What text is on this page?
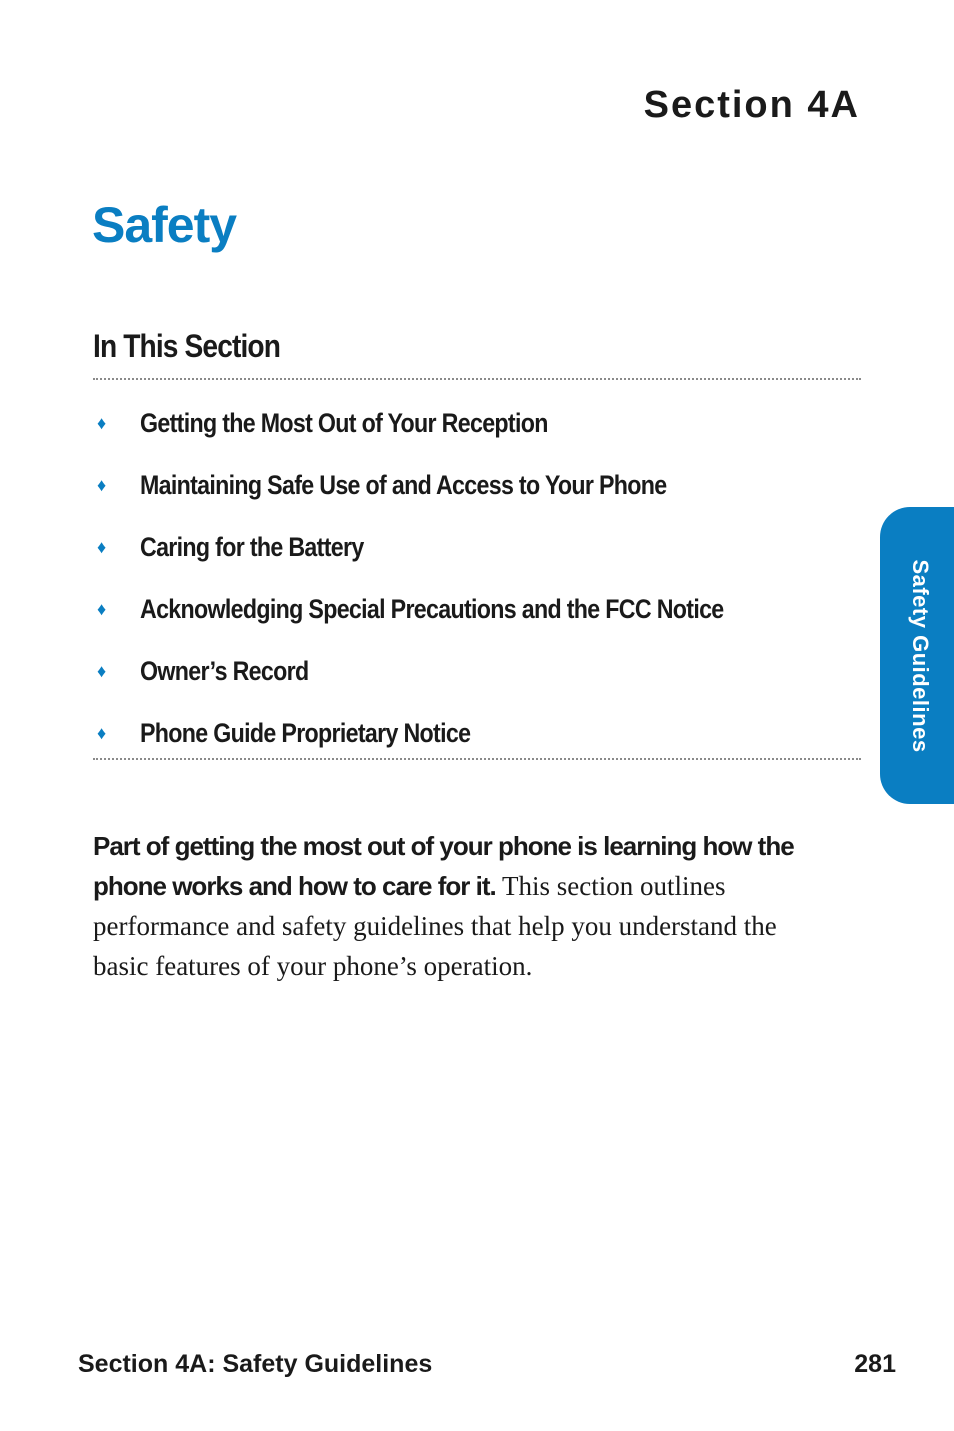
Section 4A
Safety
In This Section
♦	Getting the Most Out of Your Reception
♦	Maintaining Safe Use of and Access to Your Phone
♦	Caring for the Battery
♦	Acknowledging Special Precautions and the FCC Notice
♦	Owner’s Record
♦	Phone Guide Proprietary Notice

Part of getting the most out of your phone is learning how the phone works and how to care for it. This section outlines performance and safety guidelines that help you understand the basic features of your phone’s operation.

Safety Guidelines
Section 4A: Safety Guidelines	281
